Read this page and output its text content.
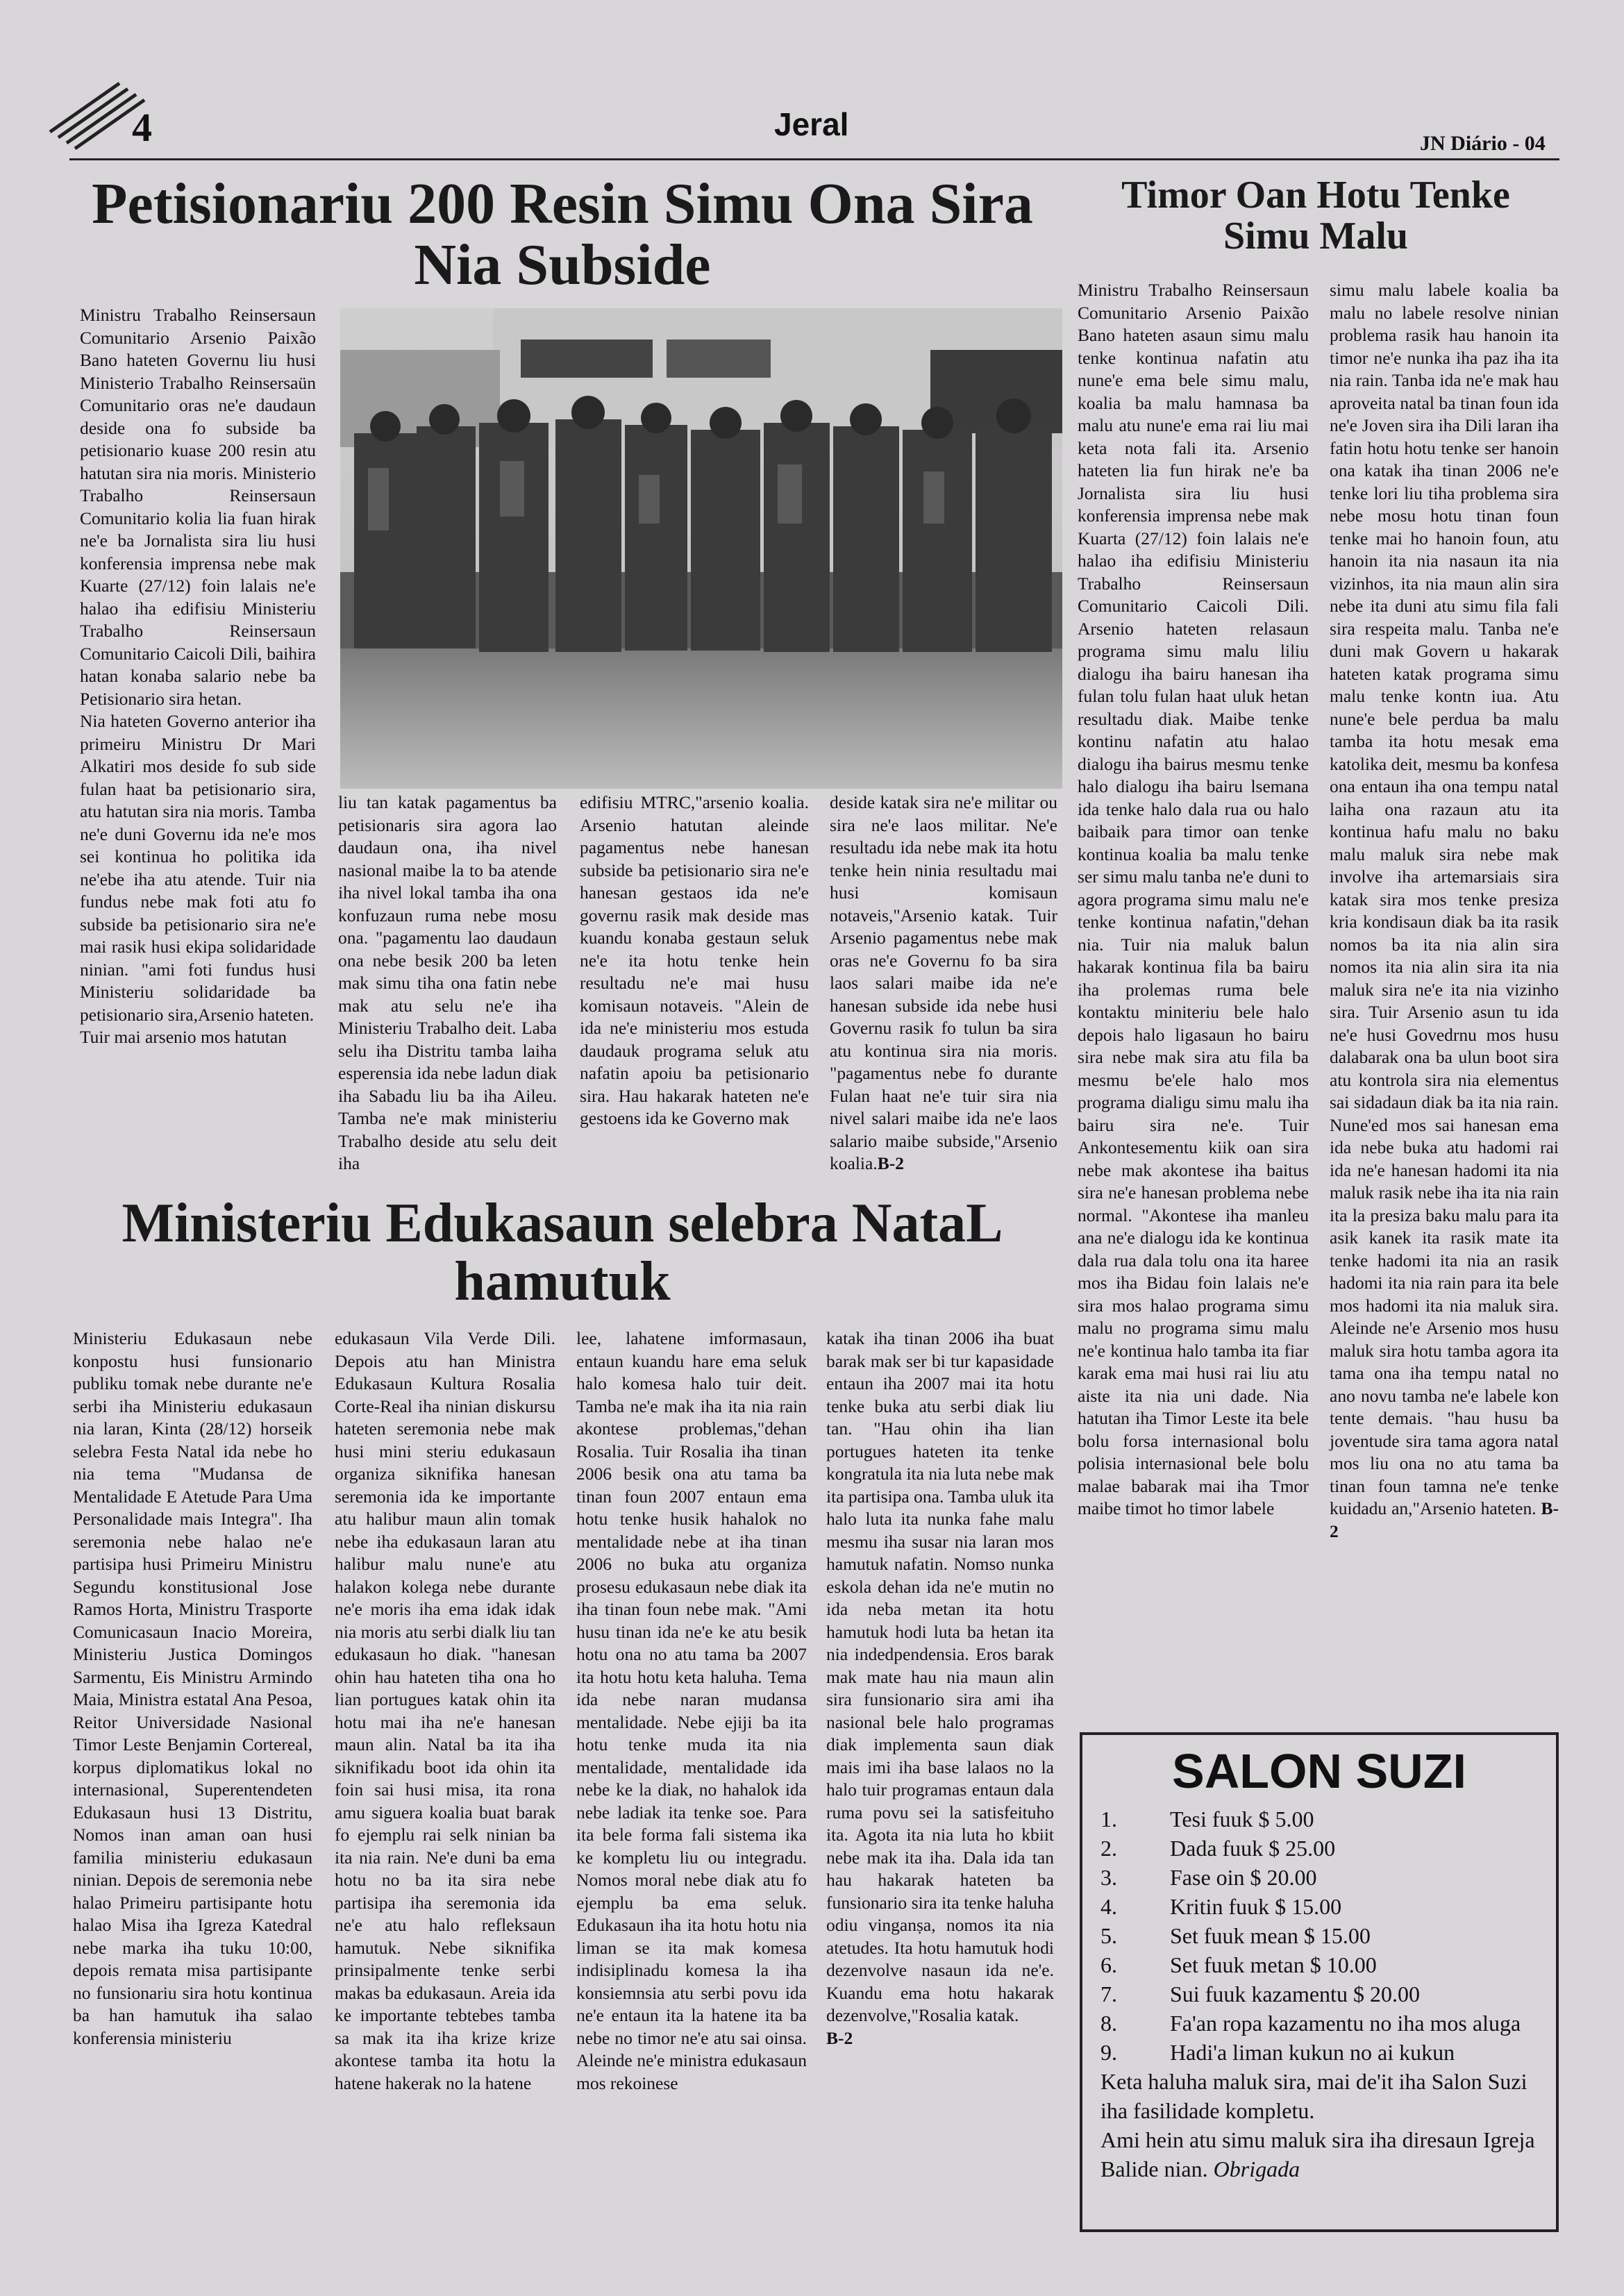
4	Jeral
JN Diário - 04
Petisionariu 200 Resin Simu Ona Sira
Nia Subside

Ministru Trabalho Reinsersaun Comunitario Arsenio Paixão Bano hateten Governu liu husi Ministerio Trabalho Reinsersaün Comunitario oras ne'e daudaun deside ona fo subside ba petisionario kuase 200 resin atu hatutan sira nia moris. Ministerio Trabalho Reinsersaun Comunitario kolia lia fuan hirak ne'e ba Jornalista sira liu husi konferensia imprensa nebe mak Kuarte (27/12) foin lalais ne'e halao iha edifisiu Ministeriu Trabalho Reinsersaun Comunitario Caicoli Dili, baihira hatan konaba salario nebe ba Petisionario sira hetan.

Nia hateten Governo anterior iha primeiru Ministru Dr Mari Alkatiri mos deside fo sub side fulan haat ba petisionario sira, atu hatutan sira nia moris. Tamba ne'e duni Governu ida ne'e mos sei kontinua ho politika ida ne'ebe iha atu atende. Tuir nia fundus nebe mak foti atu fo subside ba petisionario sira ne'e mai rasik husi ekipa solidaridade ninian. "ami foti fundus husi Ministeriu solidaridade ba petisionario sira,Arsenio hateten.

Tuir mai arsenio mos hatutan

liu tan katak pagamentus ba petisionaris sira agora lao daudaun ona, iha nivel nasional maibe la to ba atende iha nivel lokal tamba iha ona konfuzaun ruma nebe mosu ona. "pagamentu lao daudaun ona nebe besik 200 ba leten mak simu tiha ona fatin nebe mak atu selu ne'e iha Ministeriu Trabalho deit. Laba selu iha Distritu tamba laiha esperensia ida nebe ladun diak iha Sabadu liu ba iha Aileu. Tamba ne'e mak ministeriu Trabalho deside atu selu deit iha
edifisiu MTRC,"arsenio koalia. Arsenio hatutan aleinde pagamentus nebe hanesan subside ba petisionario sira ne'e hanesan gestaos ida ne'e governu rasik mak deside mas kuandu konaba gestaun seluk ne'e ita hotu tenke hein resultadu ne'e mai husu komisaun notaveis. "Alein de ida ne'e ministeriu mos estuda daudauk programa seluk atu nafatin apoiu ba petisionario sira. Hau hakarak hateten ne'e gestoens ida ke Governo mak
deside katak sira ne'e militar ou sira ne'e laos militar. Ne'e resultadu ida nebe mak ita hotu tenke hein ninia resultadu mai husi komisaun notaveis,"Arsenio katak. Tuir Arsenio pagamentus nebe mak oras ne'e Governu fo ba sira laos salari maibe ida ne'e hanesan subside ida nebe husi Governu rasik fo tulun ba sira atu kontinua sira nia moris. "pagamentus nebe fo durante Fulan haat ne'e tuir sira nia nivel salari maibe ida ne'e laos salario maibe subside,"Arsenio koalia.B-2
Ministeriu Edukasaun selebra NataL
hamutuk
Ministeriu Edukasaun nebe konpostu husi funsionario publiku tomak nebe durante ne'e serbi iha Ministeriu edukasaun nia laran, Kinta (28/12) horseik selebra Festa Natal ida nebe ho nia tema "Mudansa de Mentalidade E Atetude Para Uma Personalidade mais Integra". Iha seremonia nebe halao ne'e partisipa husi Primeiru Ministru Segundu konstitusional Jose Ramos Horta, Ministru Trasporte Comunicasaun Inacio Moreira, Ministeriu Justica Domingos Sarmentu, Eis Ministru Armindo Maia, Ministra estatal Ana Pesoa, Reitor Universidade Nasional Timor Leste Benjamin Cortereal, korpus diplomatikus lokal no internasional, Superentendeten Edukasaun husi 13 Distritu, Nomos inan aman oan husi familia ministeriu edukasaun ninian. Depois de seremonia nebe halao Primeiru partisipante hotu halao Misa iha Igreza Katedral nebe marka iha tuku 10:00, depois remata misa partisipante no funsionariu sira hotu kontinua ba han hamutuk iha salao konferensia ministeriu
edukasaun Vila Verde Dili. Depois atu han Ministra Edukasaun Kultura Rosalia Corte-Real iha ninian diskursu hateten seremonia nebe mak husi mini steriu edukasaun organiza siknifika hanesan seremonia ida ke importante atu halibur maun alin tomak nebe iha edukasaun laran atu halibur malu nune'e atu halakon kolega nebe durante ne'e moris iha ema idak idak nia moris atu serbi dialk liu tan edukasaun ho diak. "hanesan ohin hau hateten tiha ona ho lian portugues katak ohin ita hotu mai iha ne'e hanesan maun alin. Natal ba ita iha siknifikadu boot ida ohin ita foin sai husi misa, ita rona amu siguera koalia buat barak fo ejemplu rai selk ninian ba ita nia rain. Ne'e duni ba ema hotu no ba ita sira nebe partisipa iha seremonia ida ne'e atu halo refleksaun hamutuk. Nebe siknifika prinsipalmente tenke serbi makas ba edukasaun. Areia ida ke importante tebtebes tamba sa mak ita iha krize krize akontese tamba ita hotu la hatene hakerak no la hatene
lee, lahatene imformasaun, entaun kuandu hare ema seluk halo komesa halo tuir deit. Tamba ne'e mak iha ita nia rain akontese problemas,"dehan Rosalia. Tuir Rosalia iha tinan 2006 besik ona atu tama ba tinan foun 2007 entaun ema hotu tenke husik hahalok no mentalidade nebe at iha tinan 2006 no buka atu organiza prosesu edukasaun nebe diak ita iha tinan foun nebe mak. "Ami husu tinan ida ne'e ke atu besik hotu ona no atu tama ba 2007 ita hotu hotu keta haluha. Tema ida nebe naran mudansa mentalidade. Nebe ejiji ba ita hotu tenke muda ita nia mentalidade, mentalidade ida nebe ke la diak, no hahalok ida nebe ladiak ita tenke soe. Para ita bele forma fali sistema ika ke kompletu liu ou integradu. Nomos moral nebe diak atu fo ejemplu ba ema seluk. Edukasaun iha ita hotu hotu nia liman se ita mak komesa indisiplinadu komesa la iha konsiemnsia atu serbi povu ida ne'e entaun ita la hatene ita ba nebe no timor ne'e atu sai oinsa. Aleinde ne'e ministra edukasaun mos rekoinese
katak iha tinan 2006 iha buat barak mak ser bi tur kapasidade entaun iha 2007 mai ita hotu tenke buka atu serbi diak liu tan. "Hau ohin iha lian portugues hateten ita tenke kongratula ita nia luta nebe mak ita partisipa ona. Tamba uluk ita halo luta ita nunka fahe malu mesmu iha susar nia laran mos hamutuk nafatin. Nomso nunka eskola dehan ida ne'e mutin no ida neba metan ita hotu hamutuk hodi luta ba hetan ita nia indedpendensia. Eros barak mak mate hau nia maun alin sira funsionario sira ami iha nasional bele halo programas diak implementa saun diak mais imi iha base lalaos no la halo tuir programas entaun dala ruma povu sei la satisfeituho ita. Agota ita nia luta ho kbiit nebe mak ita iha. Dala ida tan hau hakarak hateten ba funsionario sira ita tenke haluha odiu vinganṣa, nomos ita nia atetudes. Ita hotu hamutuk hodi dezenvolve nasaun ida ne'e. Kuandu ema hotu hakarak dezenvolve,"Rosalia katak.
B-2
Timor Oan Hotu Tenke
Simu Malu
Ministru Trabalho Reinsersaun Comunitario Arsenio Paixão Bano hateten asaun simu malu tenke kontinua nafatin atu nune'e ema bele simu malu, koalia ba malu hamnasa ba malu atu nune'e ema rai liu mai keta nota fali ita. Arsenio hateten lia fun hirak ne'e ba Jornalista sira liu husi konferensia imprensa nebe mak Kuarta (27/12) foin lalais ne'e halao iha edifisiu Ministeriu Trabalho Reinsersaun Comunitario Caicoli Dili. Arsenio hateten relasaun programa simu malu liliu dialogu iha bairu hanesan iha fulan tolu fulan haat uluk hetan resultadu diak. Maibe tenke kontinu nafatin atu halao dialogu iha bairus mesmu tenke halo dialogu iha bairu lsemana ida tenke halo dala rua ou halo baibaik para timor oan tenke kontinua koalia ba malu tenke ser simu malu tanba ne'e duni to agora programa simu malu ne'e tenke kontinua nafatin,"dehan nia. Tuir nia maluk balun hakarak kontinua fila ba bairu iha prolemas ruma bele kontaktu miniteriu bele halo depois halo ligasaun ho bairu sira nebe mak sira atu fila ba mesmu be'ele halo mos programa dialigu simu malu iha bairu sira ne'e. Tuir Ankontesementu kiik oan sira nebe mak akontese iha baitus sira ne'e hanesan problema nebe normal. "Akontese iha manleu ana ne'e dialogu ida ke kontinua dala rua dala tolu ona ita haree mos iha Bidau foin lalais ne'e sira mos halao programa simu malu no programa simu malu ne'e kontinua halo tamba ita fiar karak ema mai husi rai liu atu aiste ita nia uni dade. Nia hatutan iha Timor Leste ita bele bolu forsa internasional bolu polisia internasional bele bolu malae babarak mai iha Tmor maibe timot ho timor labele
simu malu labele koalia ba malu no labele resolve ninian problema rasik hau hanoin ita timor ne'e nunka iha paz iha ita nia rain. Tanba ida ne'e mak hau aproveita natal ba tinan foun ida ne'e Joven sira iha Dili laran iha fatin hotu hotu tenke ser hanoin ona katak iha tinan 2006 ne'e tenke lori liu tiha problema sira nebe mosu hotu tinan foun tenke mai ho hanoin foun, atu hanoin ita nia nasaun ita nia vizinhos, ita nia maun alin sira nebe ita duni atu simu fila fali sira respeita malu. Tanba ne'e duni mak Govern u hakarak hateten katak programa simu malu tenke kontn iua. Atu nune'e bele perdua ba malu tamba ita hotu mesak ema katolika deit, mesmu ba konfesa ona entaun iha ona tempu natal laiha ona razaun atu ita kontinua hafu malu no baku malu maluk sira nebe mak involve iha artemarsiais sira katak sira mos tenke presiza kria kondisaun diak ba ita rasik nomos ba ita nia alin sira nomos ita nia alin sira ita nia maluk sira ne'e ita nia vizinho sira. Tuir Arsenio asun tu ida ne'e husi Govedrnu mos husu dalabarak ona ba ulun boot sira atu kontrola sira nia elementus sai sidadaun diak ba ita nia rain. Nune'ed mos sai hanesan ema ida nebe buka atu hadomi rai ida ne'e hanesan hadomi ita nia maluk rasik nebe iha ita nia rain ita la presiza baku malu para ita asik kanek ita rasik mate ita tenke hadomi ita nia an rasik hadomi ita nia rain para ita bele mos hadomi ita nia maluk sira. Aleinde ne'e Arsenio mos husu maluk sira hotu tamba agora ita tama ona iha tempu natal no ano novu tamba ne'e labele kon tente demais. "hau husu ba joventude sira tama agora natal mos liu ona no atu tama ba tinan foun tamna ne'e tenke kuidadu an,"Arsenio hateten. B-2
SALON SUZI
1.	Tesi fuuk $ 5.00
2.	Dada fuuk $ 25.00
3.	Fase oin $ 20.00
4.	Kritin fuuk $ 15.00
5.	Set fuuk mean $ 15.00
6.	Set fuuk metan $ 10.00
7.	Sui fuuk kazamentu $ 20.00
8.	Fa'an ropa kazamentu no iha mos aluga
9.	Hadi'a liman kukun no ai kukun
Keta haluha maluk sira, mai de'it iha Salon Suzi iha fasilidade kompletu.
Ami hein atu simu maluk sira iha diresaun Igreja Balide nian. Obrigada
